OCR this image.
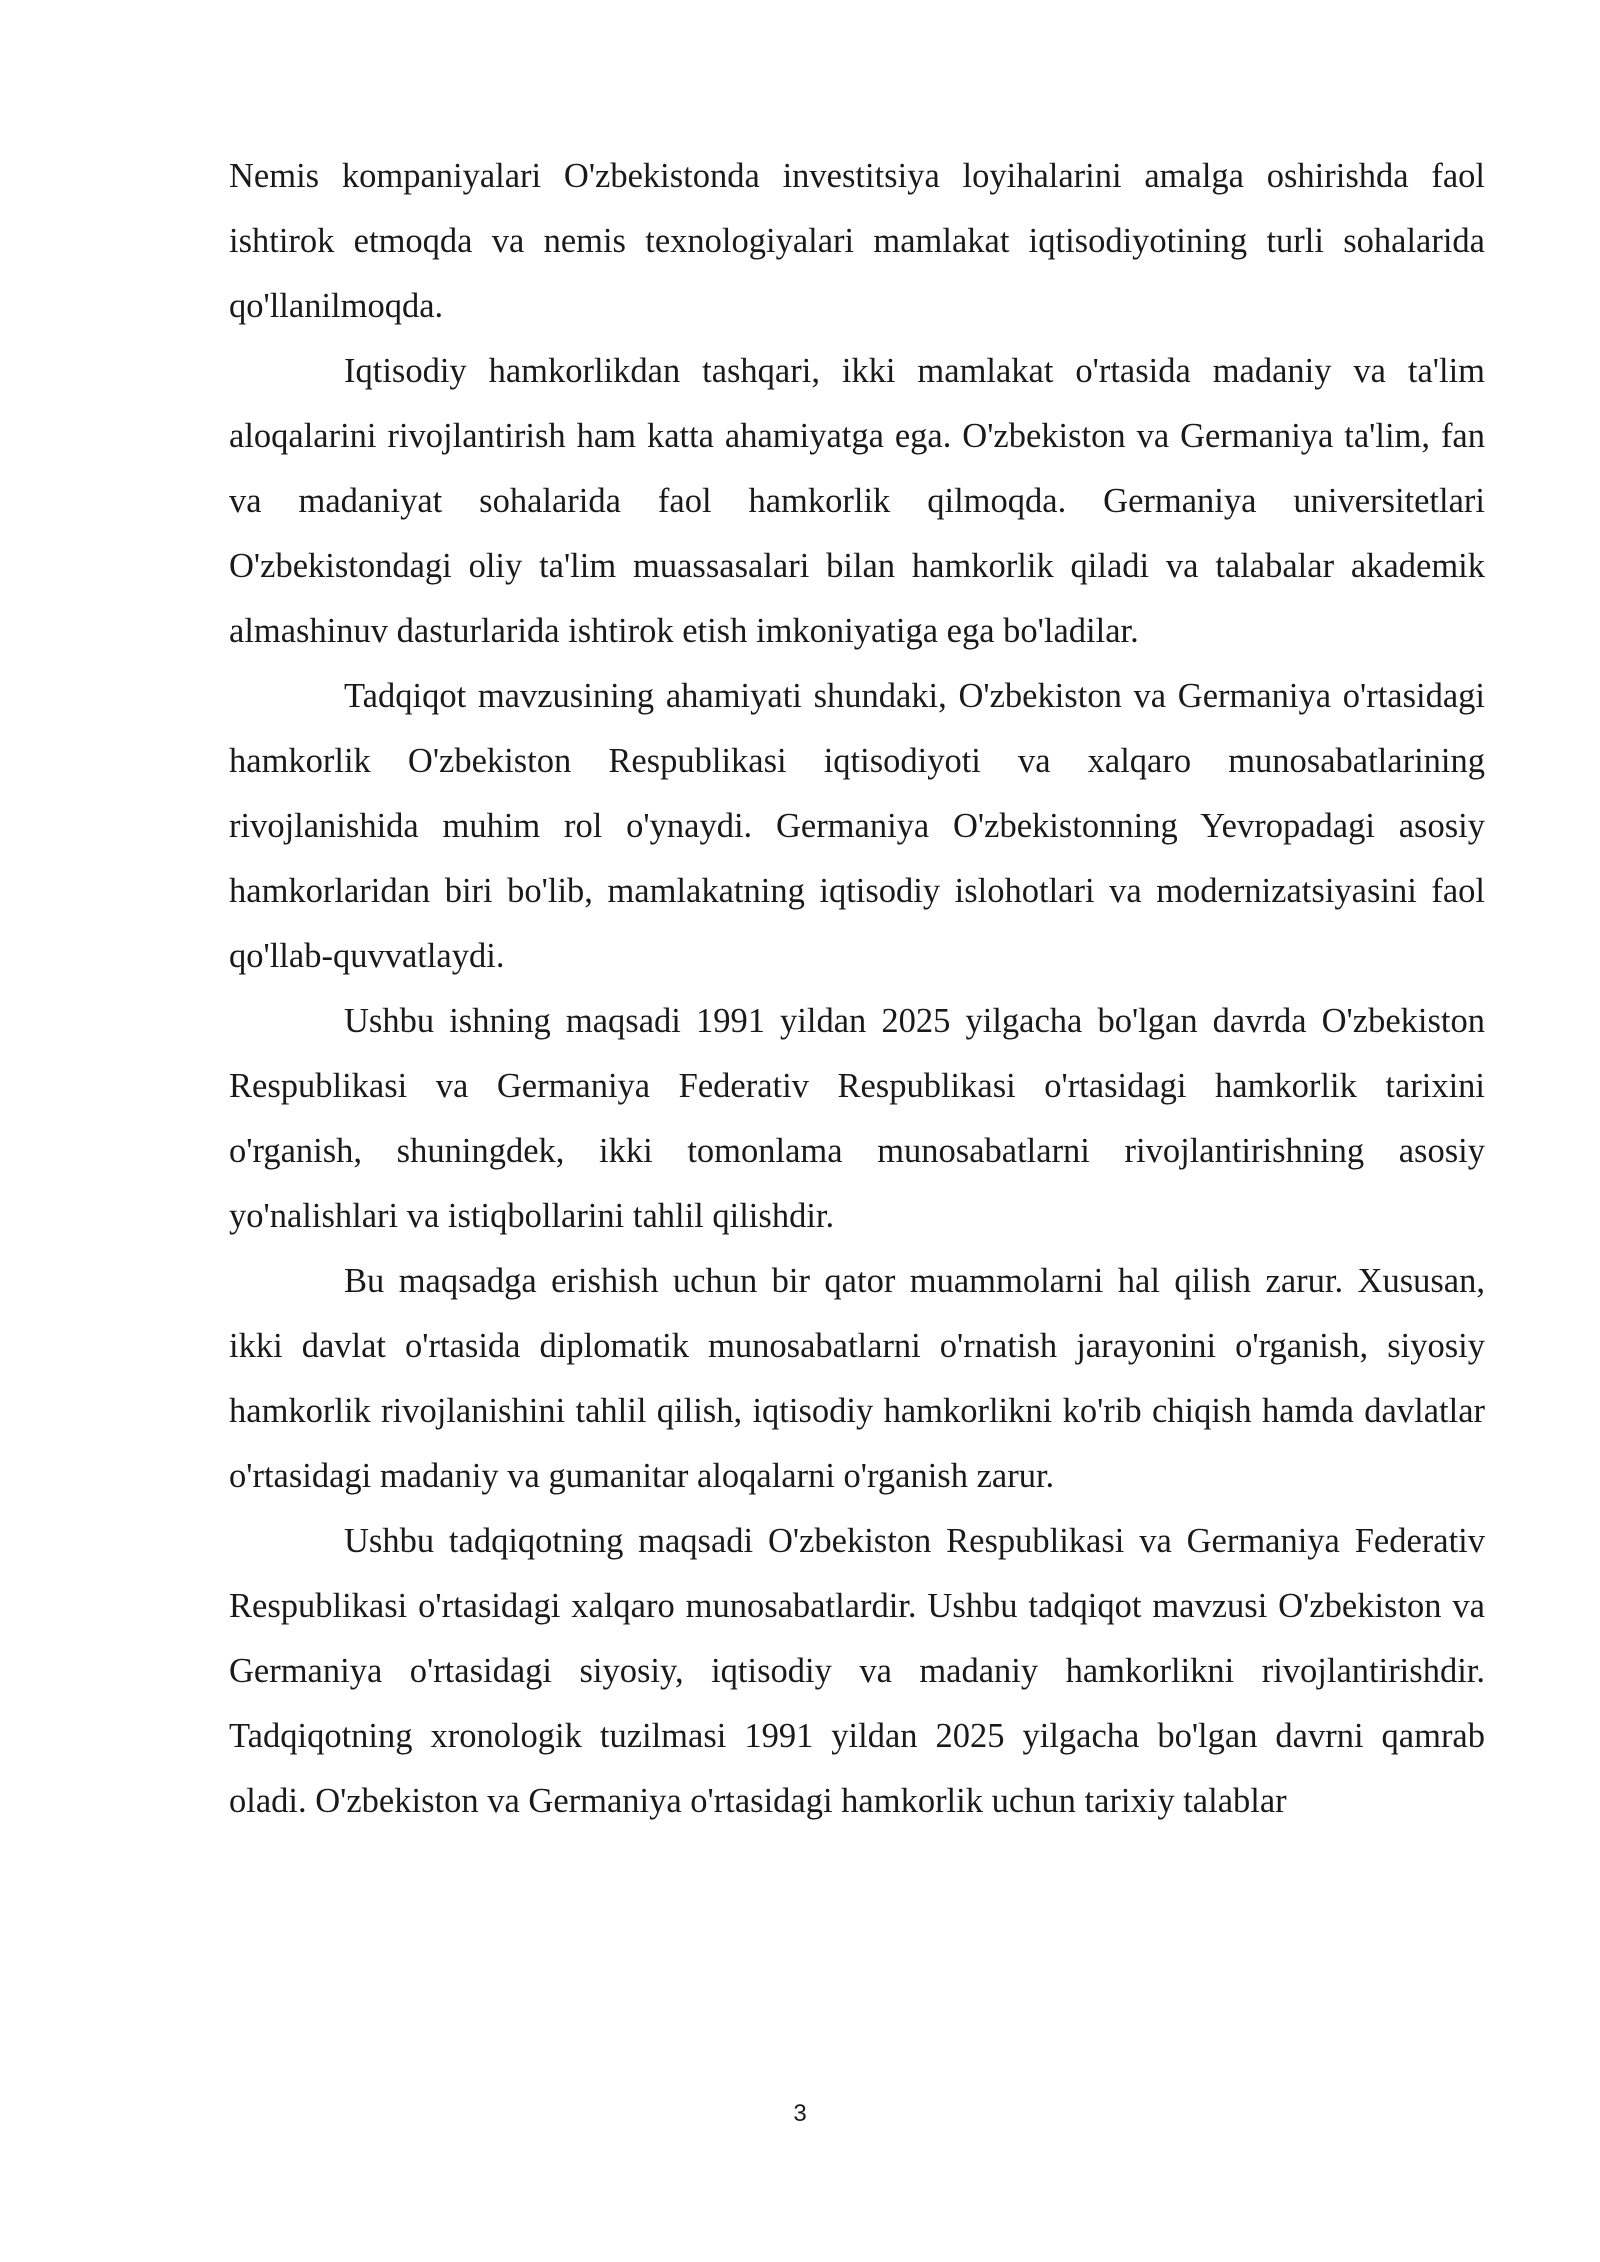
Nemis kompaniyalari O'zbekistonda investitsiya loyihalarini amalga oshirishda faol ishtirok etmoqda va nemis texnologiyalari mamlakat iqtisodiyotining turli sohalarida qo'llanilmoqda.

Iqtisodiy hamkorlikdan tashqari, ikki mamlakat o'rtasida madaniy va ta'lim aloqalarini rivojlantirish ham katta ahamiyatga ega. O'zbekiston va Germaniya ta'lim, fan va madaniyat sohalarida faol hamkorlik qilmoqda. Germaniya universitetlari O'zbekistondagi oliy ta'lim muassasalari bilan hamkorlik qiladi va talabalar akademik almashinuv dasturlarida ishtirok etish imkoniyatiga ega bo'ladilar.

Tadqiqot mavzusining ahamiyati shundaki, O'zbekiston va Germaniya o'rtasidagi hamkorlik O'zbekiston Respublikasi iqtisodiyoti va xalqaro munosabatlarining rivojlanishida muhim rol o'ynaydi. Germaniya O'zbekistonning Yevropadagi asosiy hamkorlaridan biri bo'lib, mamlakatning iqtisodiy islohotlari va modernizatsiyasini faol qo'llab-quvvatlaydi.

Ushbu ishning maqsadi 1991 yildan 2025 yilgacha bo'lgan davrda O'zbekiston Respublikasi va Germaniya Federativ Respublikasi o'rtasidagi hamkorlik tarixini o'rganish, shuningdek, ikki tomonlama munosabatlarni rivojlantirishning asosiy yo'nalishlari va istiqbollarini tahlil qilishdir.

Bu maqsadga erishish uchun bir qator muammolarni hal qilish zarur. Xususan, ikki davlat o'rtasida diplomatik munosabatlarni o'rnatish jarayonini o'rganish, siyosiy hamkorlik rivojlanishini tahlil qilish, iqtisodiy hamkorlikni ko'rib chiqish hamda davlatlar o'rtasidagi madaniy va gumanitar aloqalarni o'rganish zarur.

Ushbu tadqiqotning maqsadi O'zbekiston Respublikasi va Germaniya Federativ Respublikasi o'rtasidagi xalqaro munosabatlardir. Ushbu tadqiqot mavzusi O'zbekiston va Germaniya o'rtasidagi siyosiy, iqtisodiy va madaniy hamkorlikni rivojlantirishdir. Tadqiqotning xronologik tuzilmasi 1991 yildan 2025 yilgacha bo'lgan davrni qamrab oladi. O'zbekiston va Germaniya o'rtasidagi hamkorlik uchun tarixiy talablar

3
